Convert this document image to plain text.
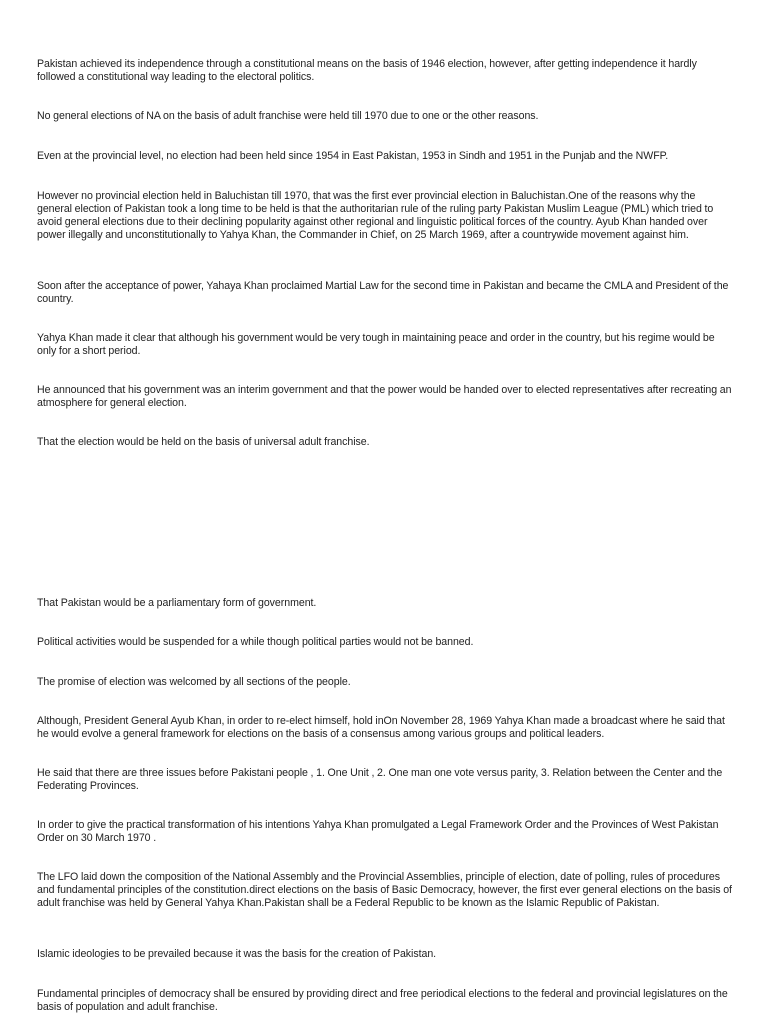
Pakistan achieved its independence through a constitutional means on the basis of 1946 election, however, after getting independence it hardly followed a constitutional way leading to the electoral politics.

No general elections of NA on the basis of adult franchise were held till 1970 due to one or the other reasons.

Even at the provincial level, no election had been held since 1954 in East Pakistan, 1953 in Sindh and 1951 in the Punjab and the NWFP.

However no provincial election held in Baluchistan till 1970, that was the first ever provincial election in Baluchistan.One of the reasons why the general election of Pakistan took a long time to be held is that the authoritarian rule of the ruling party Pakistan Muslim League (PML) which tried to avoid general elections due to their declining popularity against other regional and linguistic political forces of the country. Ayub Khan handed over power illegally and unconstitutionally to Yahya Khan, the Commander in Chief, on 25 March 1969, after a countrywide movement against him.

Soon after the acceptance of power, Yahaya Khan proclaimed Martial Law for the second time in Pakistan and became the CMLA and President of the country.

Yahya Khan made it clear that although his government would be very tough in maintaining peace and order in the country, but his regime would be only for a short period.

He announced that his government was an interim government and that the power would be handed over to elected representatives after recreating an atmosphere for general election.

That the election would be held on the basis of universal adult franchise.

That Pakistan would be a parliamentary form of government.

Political activities would be suspended for a while though political parties would not be banned.

The promise of election was welcomed by all sections of the people.

Although, President General Ayub Khan, in order to re-elect himself, hold inOn November 28, 1969 Yahya Khan made a broadcast where he said that he would evolve a general framework for elections on the basis of a consensus among various groups and political leaders.

He said that there are three issues before Pakistani people , 1. One Unit , 2. One man one vote versus parity, 3. Relation between the Center and the Federating Provinces.

In order to give the practical transformation of his intentions Yahya Khan promulgated a Legal Framework Order and the Provinces of West Pakistan Order on 30 March 1970 .

The LFO laid down the composition of the National Assembly and the Provincial Assemblies, principle of election, date of polling, rules of procedures and fundamental principles of the constitution.direct elections on the basis of Basic Democracy, however, the first ever general elections on the basis of adult franchise was held by General Yahya Khan.Pakistan shall be a Federal Republic to be known as the Islamic Republic of Pakistan.

Islamic ideologies to be prevailed because it was the basis for the creation of Pakistan.

Fundamental principles of democracy shall be ensured by providing direct and free periodical elections to the federal and provincial legislatures on the basis of population and adult franchise.
